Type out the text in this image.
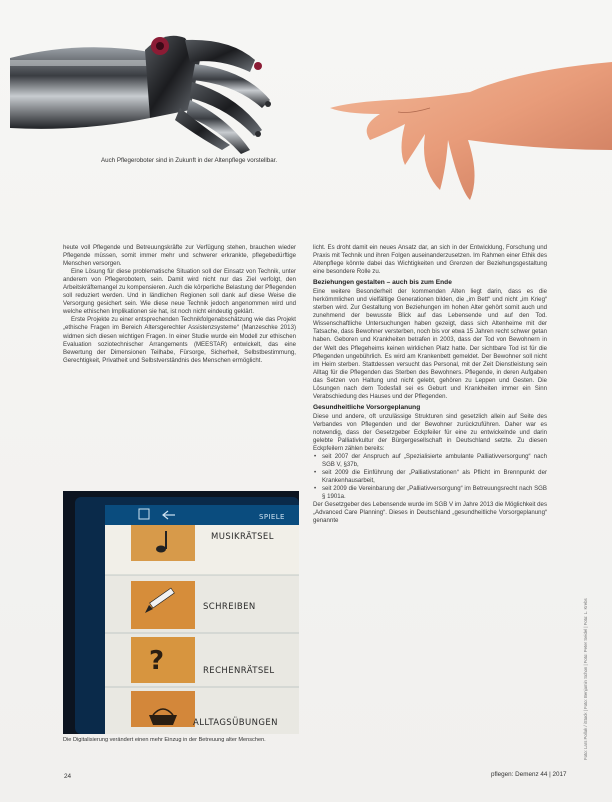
Auch Pflegeroboter sind in Zukunft in der Altenpflege vorstellbar.

heute voll Pflegende und Betreuungskräfte zur Verfügung stehen, brauchen wieder Pflegende müssen, somit immer mehr und schwerer erkrankte, pflegebedürftige Menschen versorgen.

Eine Lösung für diese problematische Situation soll der Einsatz von Technik, unter anderem von Pflegerobotern, sein. Damit wird nicht nur das Ziel verfolgt, den Arbeitskräftemangel zu kompensieren. Auch die körperliche Belastung der Pflegenden soll reduziert werden. Und in ländlichen Regionen soll dank auf diese Weise die Versorgung gesichert sein. Wie diese neue Technik jedoch angenommen wird und welche ethischen Implikationen sie hat, ist noch nicht eindeutig geklärt.

Erste Projekte zu einer entsprechenden Technikfolgenabschätzung wie das Projekt „ethische Fragen im Bereich Altersgerechter Assistenzsysteme“ (Manzeschke 2013) widmen sich diesen wichtigen Fragen. In einer Studie wurde ein Modell zur ethischen Evaluation soziotechnischer Arrangements (MEESTAR) entwickelt, das eine Bewertung der Dimensionen Teilhabe, Fürsorge, Sicherheit, Selbstbestimmung, Gerechtigkeit, Privatheit und Selbstverständnis des Menschen ermöglicht.

SPIELE
MUSIKRÄTSEL
SCHREIBEN
?	RECHENRÄTSEL
ALLTAGSÜBUNGEN
Die Digitalisierung verändert einen mehr Einzug in der Betreuung alter Menschen.

licht. Es droht damit ein neues Ansatz dar, an sich in der Entwicklung, Forschung und Praxis mit Technik und ihren Folgen auseinanderzusetzen. Im Rahmen einer Ethik des Altenpflege könnte dabei das Wichtigkeiten und Grenzen der Beziehungsgestaltung eine besondere Rolle zu.

Beziehungen gestalten – auch bis zum Ende

Eine weitere Besonderheit der kommenden Alten liegt darin, dass es die herkömmlichen und vielfältige Generationen bilden, die „im Bett“ und nicht „im Krieg“ sterben wird. Zur Gestaltung von Beziehungen im hohen Alter gehört somit auch und zunehmend der bewusste Blick auf das Lebensende und auf den Tod. Wissenschaftliche Untersuchungen haben gezeigt, dass sich Altenheime mit der Tatsache, dass Bewohner versterben, noch bis vor etwa 15 Jahren recht schwer getan haben. Geboren und Krankheiten betrafen in 2003, dass der Tod von Bewohnern in der Welt des Pflegeheims keinen wirklichen Platz hatte. Der sichtbare Tod ist für die Pflegenden ungebührlich. Es wird am Krankenbett gemeldet. Der Bewohner soll nicht im Heim sterben. Stattdessen versucht das Personal, mit der Zeit Dienstleistung sein Alltag für die Pflegenden das Sterben des Bewohners. Pflegende, in deren Aufgaben das Setzen von Haltung und nicht gelebt, gehören zu Leppen und Gesten. Die Lösungen nach dem Todesfall sei es Geburt und Krankheiten immer ein Sinn Verabschiedung des Hauses und der Pflegenden.

Gesundheitliche Vorsorgeplanung

Diese und andere, oft unzulässige Strukturen sind gesetzlich allein auf Seite des Verbandes von Pflegenden und der Bewohner zurückzuführen. Daher war es notwendig, dass der Gesetzgeber Eckpfeiler für eine zu entwickelnde und darin gelebte Palliativkultur der Bürgergesellschaft in Deutschland setzte. Zu diesen Eckpfeilern zählen bereits:

• seit 2007 der Anspruch auf „Spezialisierte ambulante Palliativversorgung“ nach SGB V, §37b,
• seit 2009 die Einführung der „Palliativstationen“ als Pflicht im Brennpunkt der Krankenhausarbeit,
• seit 2009 die Vereinbarung der „Palliativversorgung“ im Betreuungsrecht nach SGB § 1901a.

Der Gesetzgeber des Lebensende wurde im SGB V im Jahre 2013 die Möglichkeit des „Advanced Care Planning“. Dieses in Deutschland „gesundheitliche Vorsorgeplanung“ genannte

Foto: Lars Pollak / iStock | Foto: Benjamin Schon | Foto: Peter Seidel | Foto: L. Krebs
24	pflegen: Demenz 44 | 2017
